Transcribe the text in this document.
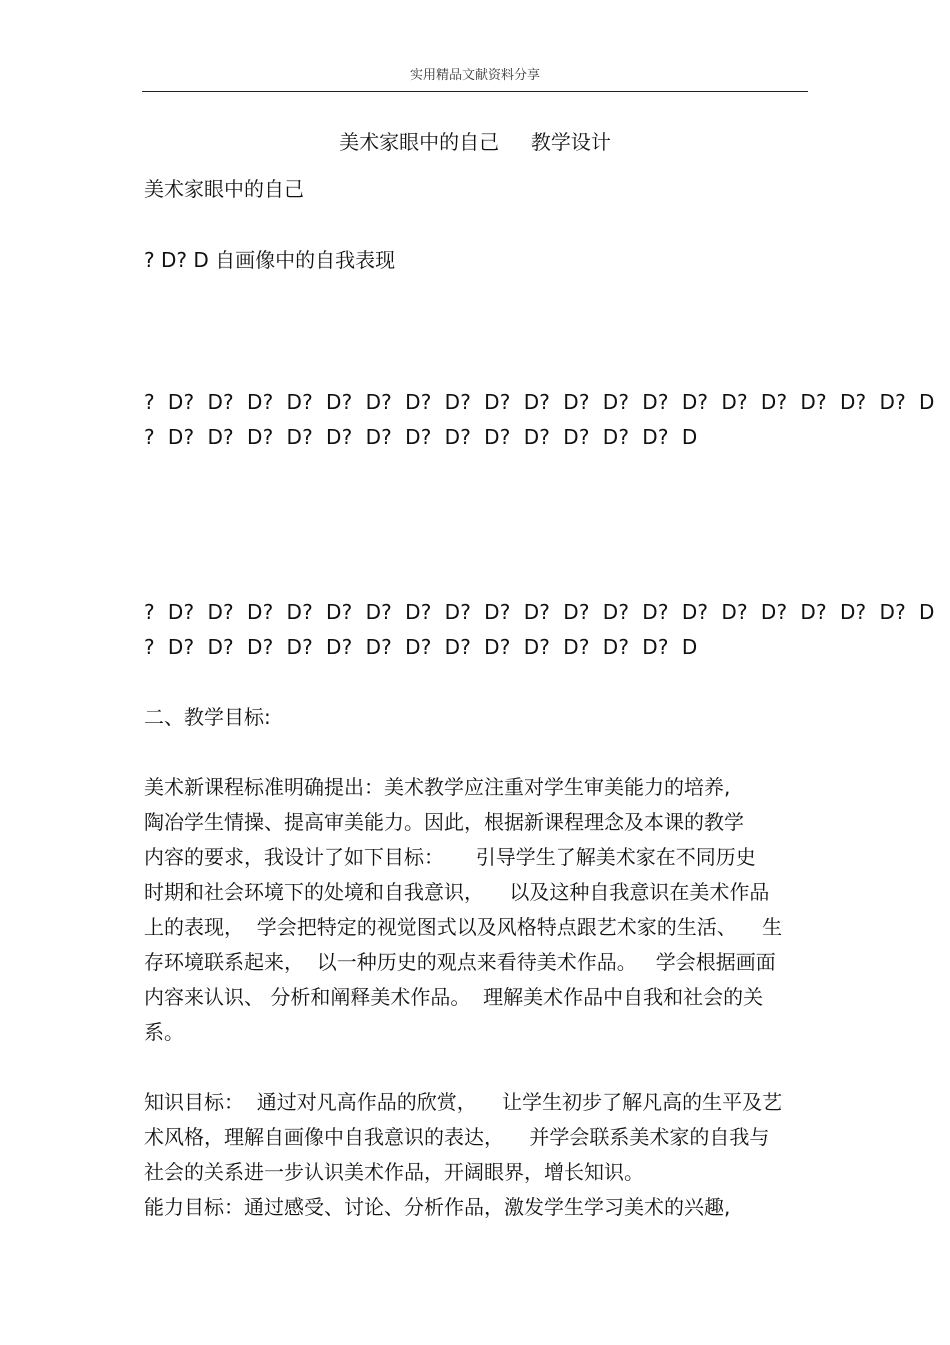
实用精品文献资料分享
美术家眼中的自己     教学设计
美术家眼中的自己
? D? D 自画像中的自我表现
?  D?  D?  D?  D?  D?  D?  D?  D?  D?  D?  D?  D?  D?  D?  D?  D?  D?  D?  D?  D
?  D?  D?  D?  D?  D?  D?  D?  D?  D?  D?  D?  D?  D?  D
?  D?  D?  D?  D?  D?  D?  D?  D?  D?  D?  D?  D?  D?  D?  D?  D?  D?  D?  D?  D
?  D?  D?  D?  D?  D?  D?  D?  D?  D?  D?  D?  D?  D?  D
二、教学目标:
美术新课程标准明确提出：美术教学应注重对学生审美能力的培养,
陶冶学生情操、提高审美能力。因此，根据新课程理念及本课的教学
内容的要求，我设计了如下目标：     引导学生了解美术家在不同历史
时期和社会环境下的处境和自我意识，    以及这种自我意识在美术作品
上的表现，  学会把特定的视觉图式以及风格特点跟艺术家的生活、    生
存环境联系起来，  以一种历史的观点来看待美术作品。   学会根据画面
内容来认识、 分析和阐释美术作品。  理解美术作品中自我和社会的关
系。
知识目标：  通过对凡高作品的欣赏，    让学生初步了解凡高的生平及艺
术风格，理解自画像中自我意识的表达，    并学会联系美术家的自我与
社会的关系进一步认识美术作品，开阔眼界，增长知识。
能力目标：通过感受、讨论、分析作品，激发学生学习美术的兴趣,
